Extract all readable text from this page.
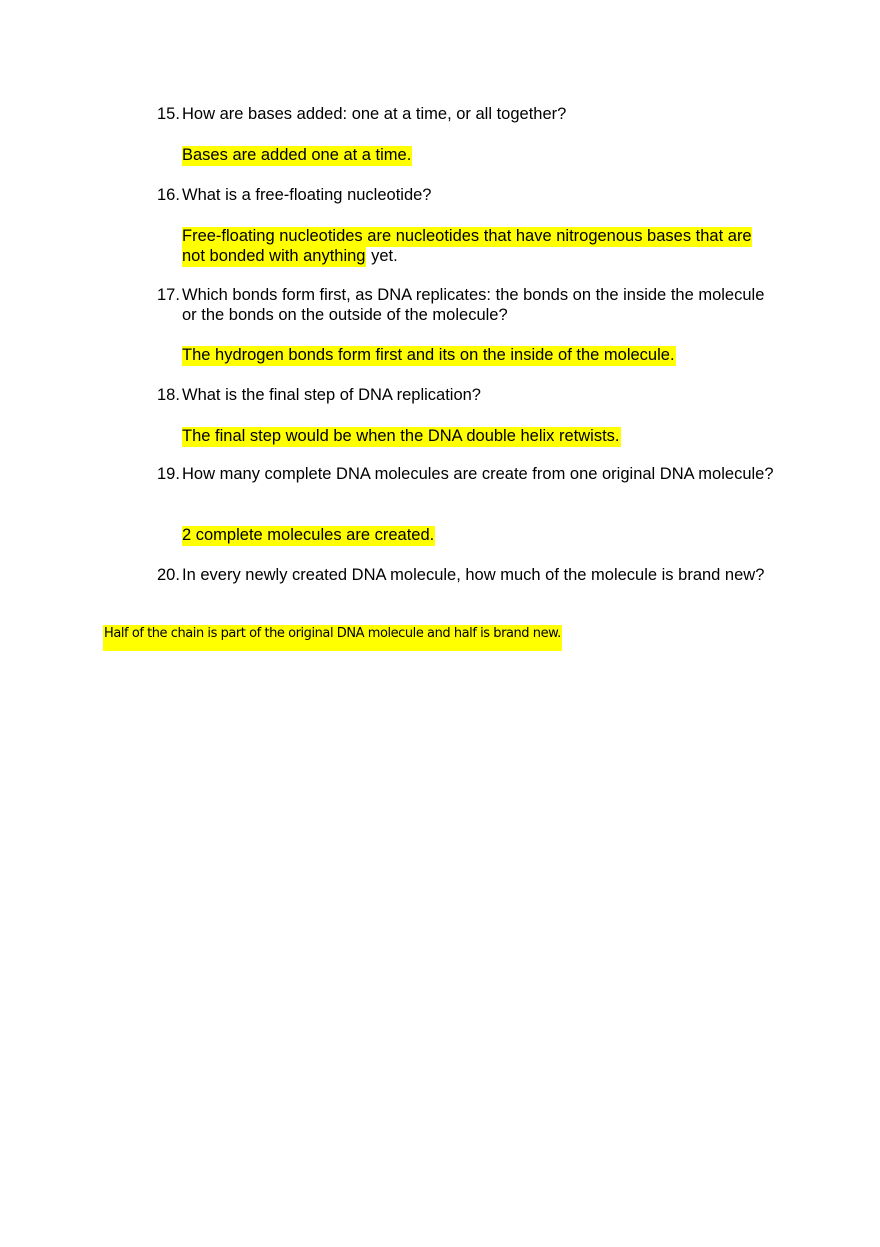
15. How are bases added: one at a time, or all together?
Bases are added one at a time.
16. What is a free-floating nucleotide?
Free-floating nucleotides are nucleotides that have nitrogenous bases that are not bonded with anything yet.
17. Which bonds form first, as DNA replicates: the bonds on the inside the molecule or the bonds on the outside of the molecule?
The hydrogen bonds form first and its on the inside of the molecule.
18. What is the final step of DNA replication?
The final step would be when the DNA double helix retwists.
19. How many complete DNA molecules are create from one original DNA molecule?
2 complete molecules are created.
20. In every newly created DNA molecule, how much of the molecule is brand new?
Half of the chain is part of the original DNA molecule and half is brand new.
